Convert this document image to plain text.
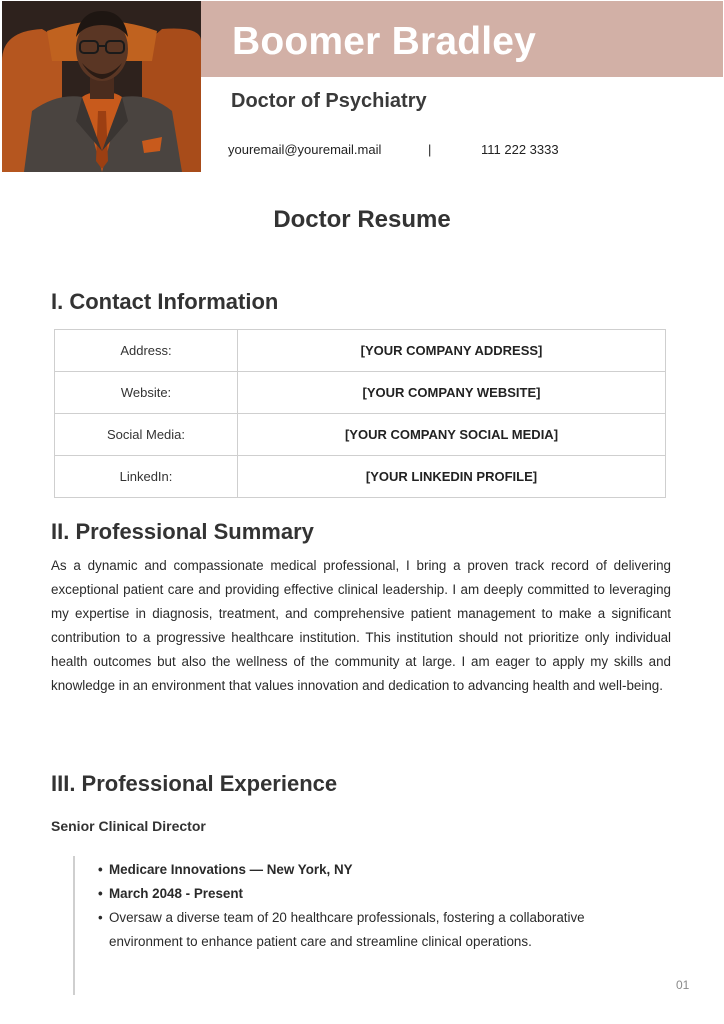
Boomer Bradley
Doctor of Psychiatry
youremail@youremail.mail	|	111 222 3333
Doctor Resume
I. Contact Information
Address:	[YOUR COMPANY ADDRESS]
Website:	[YOUR COMPANY WEBSITE]
Social Media:	[YOUR COMPANY SOCIAL MEDIA]
LinkedIn:	[YOUR LINKEDIN PROFILE]
II. Professional Summary

As a dynamic and compassionate medical professional, I bring a proven track record of delivering exceptional patient care and providing effective clinical leadership. I am deeply committed to leveraging my expertise in diagnosis, treatment, and comprehensive patient management to make a significant contribution to a progressive healthcare institution. This institution should not prioritize only individual health outcomes but also the wellness of the community at large. I am eager to apply my skills and knowledge in an environment that values innovation and dedication to advancing health and well-being.

III. Professional Experience
Senior Clinical Director
• Medicare Innovations — New York, NY
• March 2048 - Present
• Oversaw a diverse team of 20 healthcare professionals, fostering a collaborative environment to enhance patient care and streamline clinical operations.
01
